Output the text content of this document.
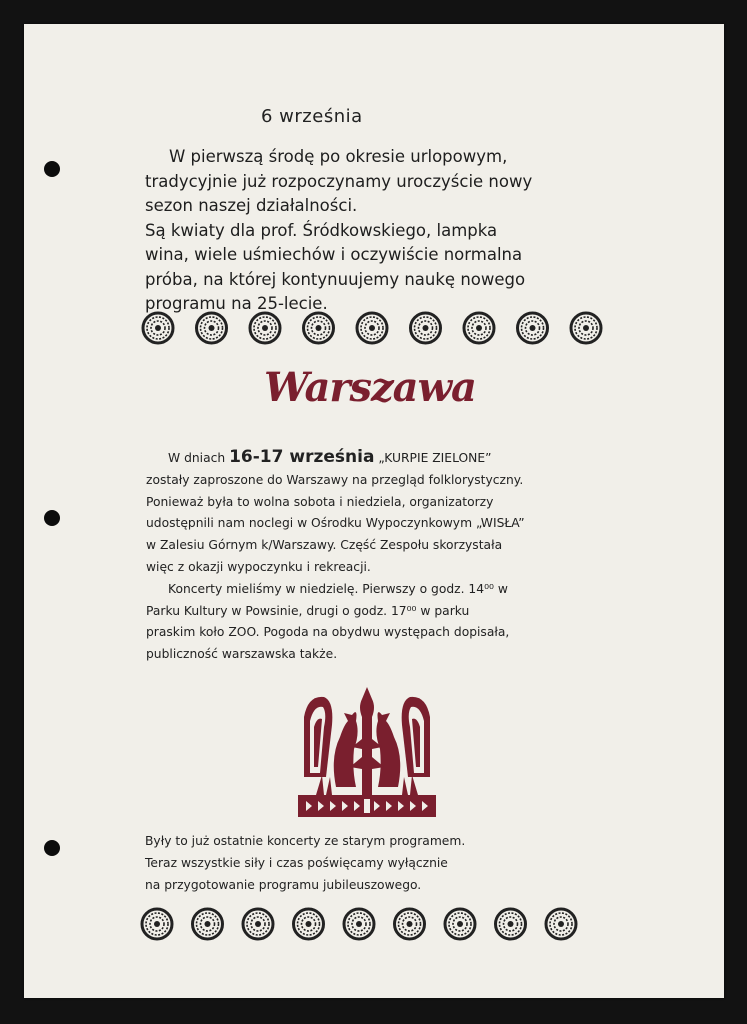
6 września

W pierwszą środę po okresie urlopowym,
tradycyjnie już rozpoczynamy uroczyście nowy
sezon naszej działalności.
Są kwiaty dla prof. Śródkowskiego, lampka
wina, wiele uśmiechów i oczywiście normalna
próba, na której kontynuujemy naukę nowego
programu na 25-lecie.

Warszawa

W dniach 16-17 września „KURPIE ZIELONE”
zostały zaproszone do Warszawy na przegląd folklorystyczny.
Ponieważ była to wolna sobota i niedziela, organizatorzy
udostępnili nam noclegi w Ośrodku Wypoczynkowym „WISŁA”
w Zalesiu Górnym k/Warszawy. Część Zespołu skorzystała
więc z okazji wypoczynku i rekreacji.
Koncerty mieliśmy w niedzielę. Pierwszy o godz. 14⁰⁰ w
Parku Kultury w Powsinie, drugi o godz. 17⁰⁰ w parku
praskim koło ZOO. Pogoda na obydwu występach dopisała,
publiczność warszawska także.

Były to już ostatnie koncerty ze starym programem.
Teraz wszystkie siły i czas poświęcamy wyłącznie
na przygotowanie programu jubileuszowego.
